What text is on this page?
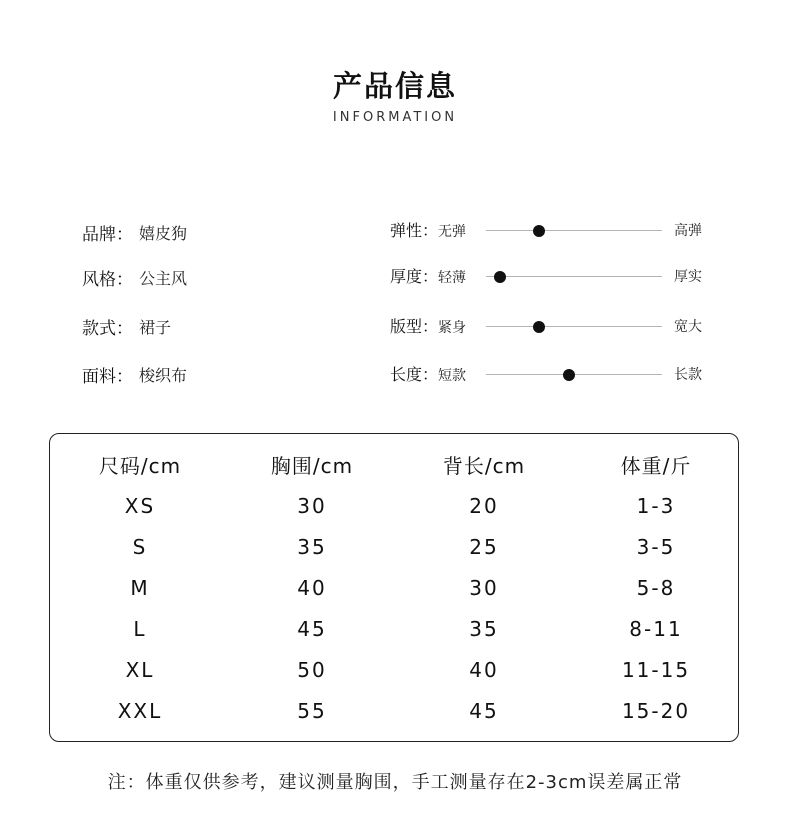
产品信息
INFORMATION
品牌： 嬉皮狗
风格： 公主风
款式： 裙子
面料： 梭织布
弹性：无弹	高弹
厚度：轻薄	厚实
版型：紧身	宽大
长度：短款	长款
尺码/cm	胸围/cm	背长/cm	体重/斤
XS	30	20	1-3
S	35	25	3-5
M	40	30	5-8
L	45	35	8-11
XL	50	40	11-15
XXL	55	45	15-20
注：体重仅供参考，建议测量胸围，手工测量存在2-3cm误差属正常
